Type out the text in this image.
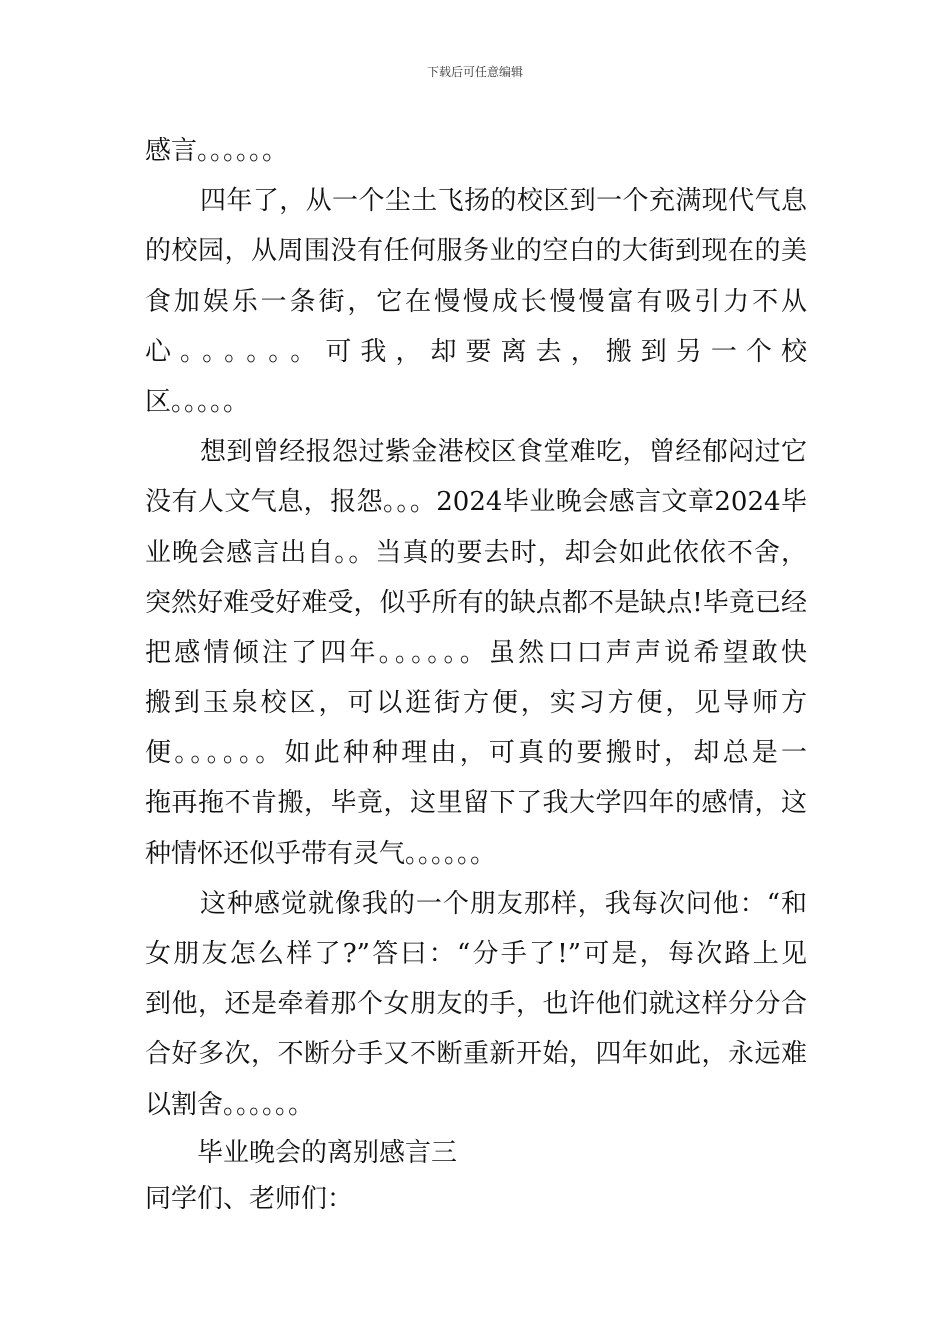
下载后可任意编辑
感言。。。。。。
四年了，从一个尘土飞扬的校区到一个充满现代气息
的校园，从周围没有任何服务业的空白的大街到现在的美
食加娱乐一条街，它在慢慢成长慢慢富有吸引力不从
心。。。。。。可我，却要离去，搬到另一个校
区。。。。。
想到曾经报怨过紫金港校区食堂难吃，曾经郁闷过它
没有人文气息，报怨。。。2024毕业晚会感言文章2024毕
业晚会感言出自。。当真的要去时，却会如此依依不舍，
突然好难受好难受，似乎所有的缺点都不是缺点!毕竟已经
把感情倾注了四年。。。。。。虽然口口声声说希望敢快
搬到玉泉校区，可以逛街方便，实习方便，见导师方
便。。。。。。如此种种理由，可真的要搬时，却总是一
拖再拖不肯搬，毕竟，这里留下了我大学四年的感情，这
种情怀还似乎带有灵气。。。。。。
这种感觉就像我的一个朋友那样，我每次问他：“和
女朋友怎么样了?”答曰：“分手了!”可是，每次路上见
到他，还是牵着那个女朋友的手，也许他们就这样分分合
合好多次，不断分手又不断重新开始，四年如此，永远难
以割舍。。。。。。
毕业晚会的离别感言三
同学们、老师们：
